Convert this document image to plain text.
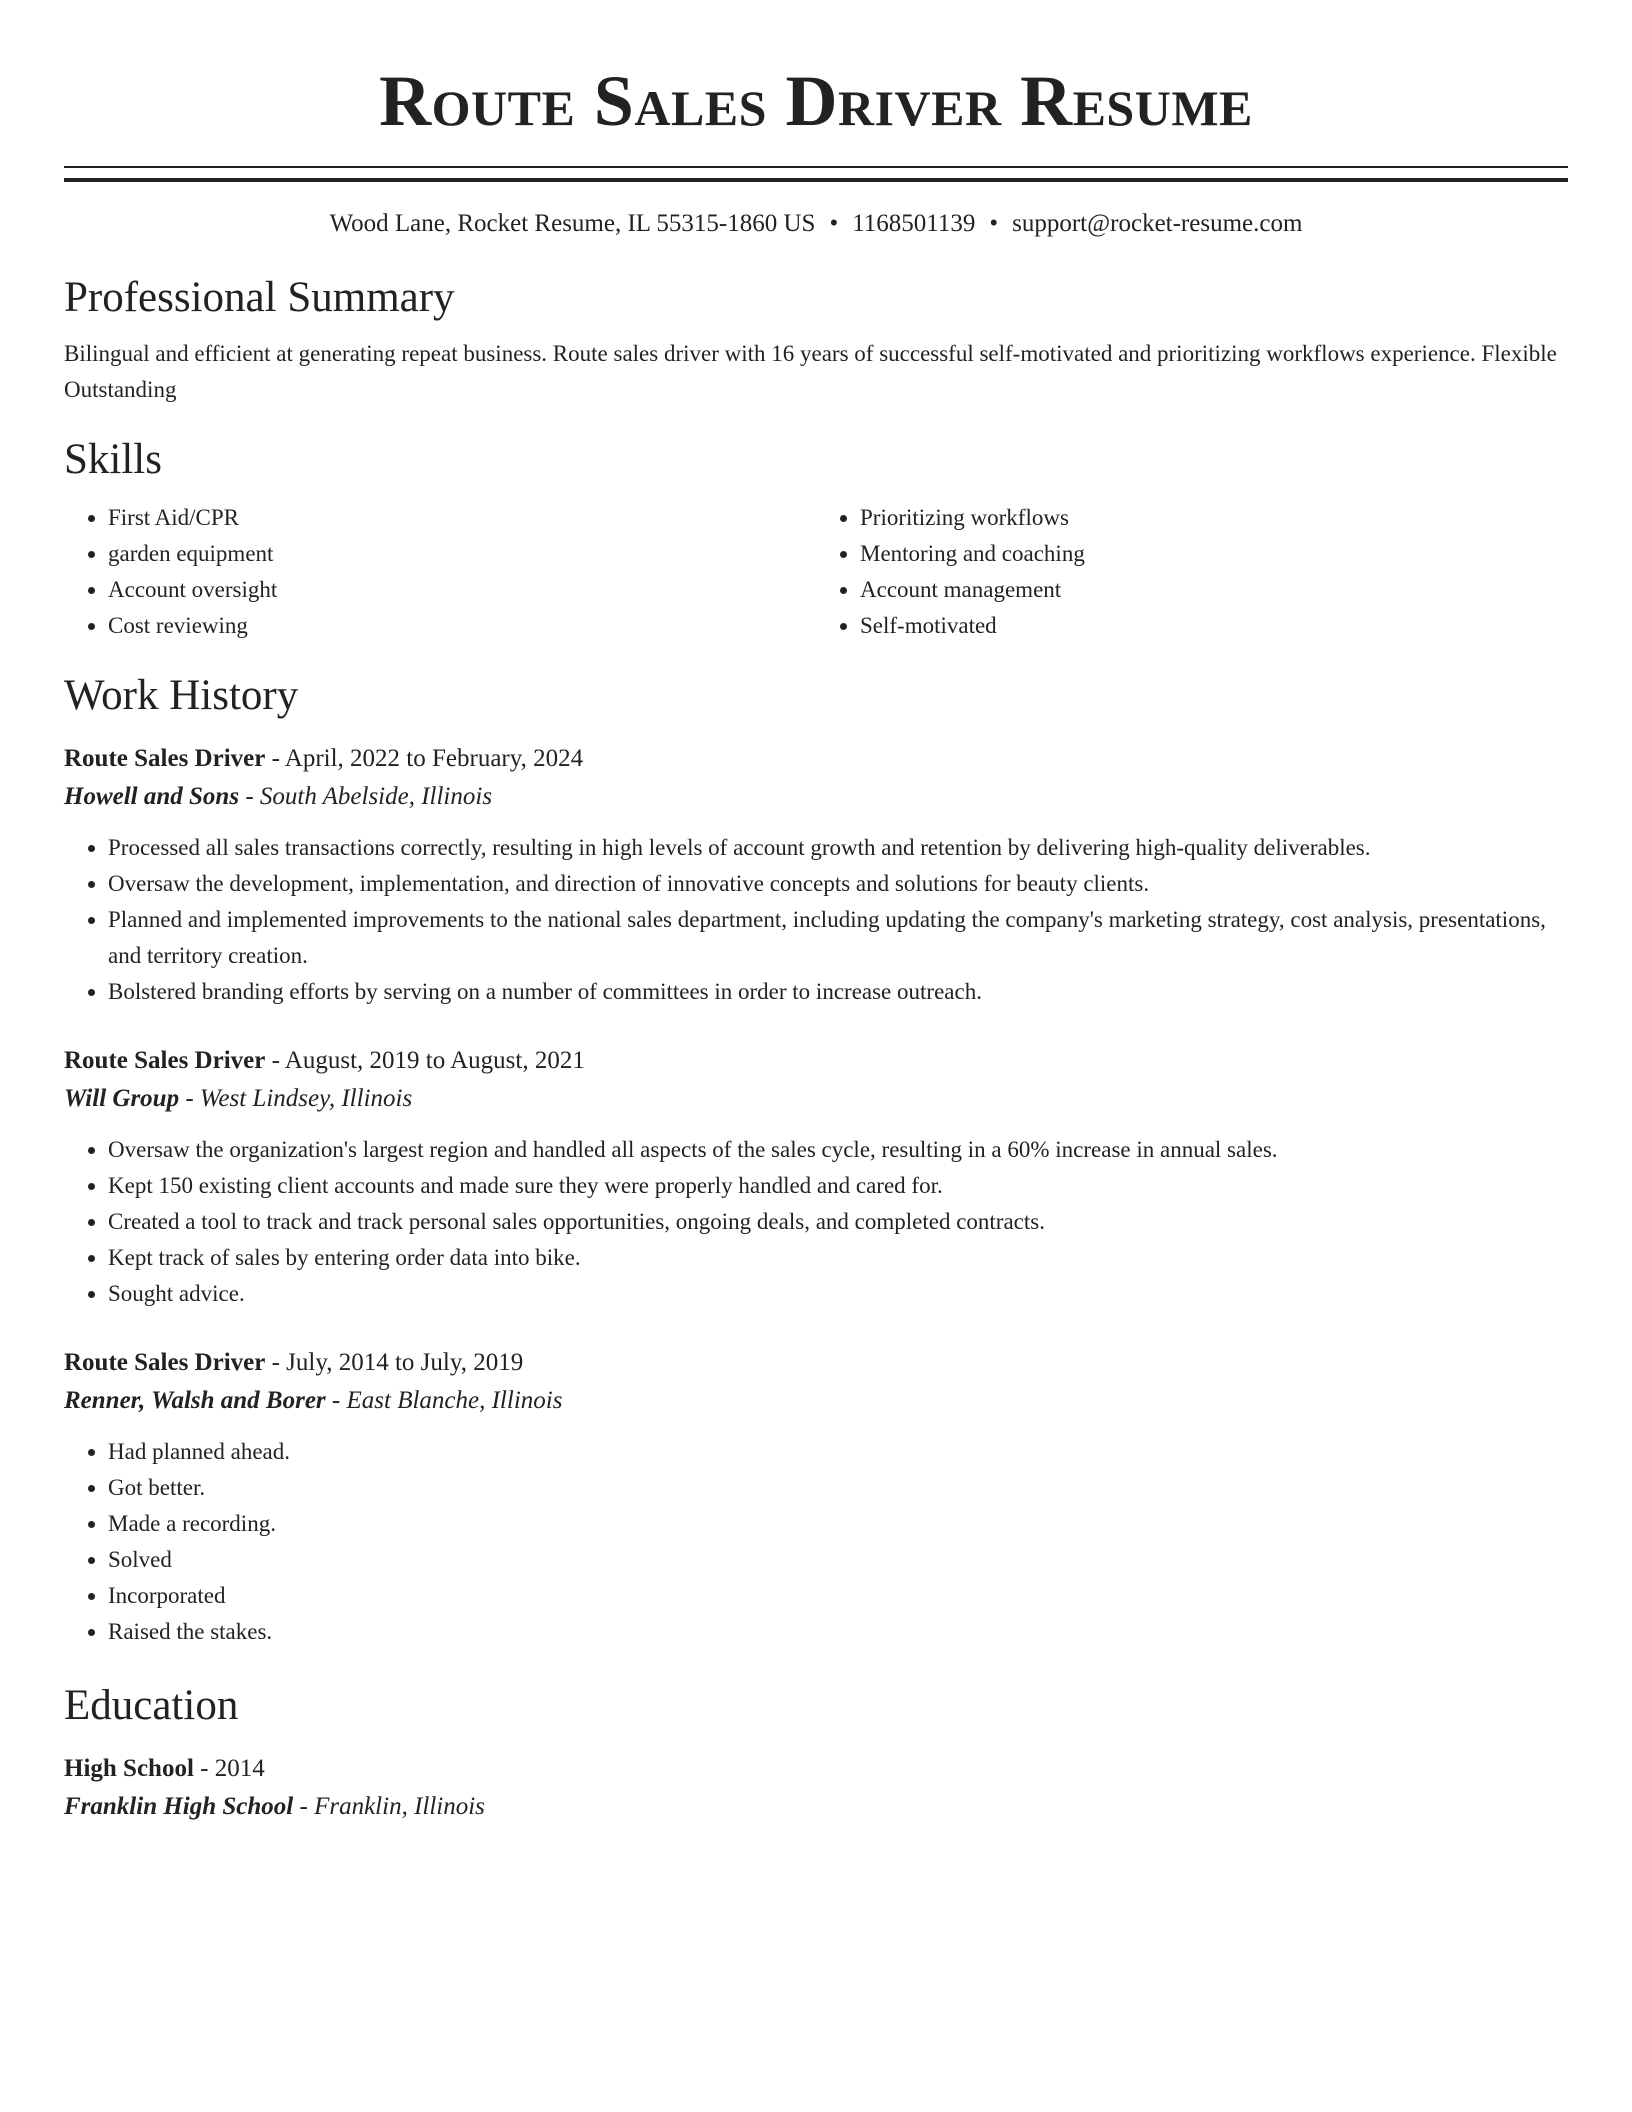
Route Sales Driver Resume
Wood Lane, Rocket Resume, IL 55315-1860 US • 1168501139 • support@rocket-resume.com
Professional Summary

Bilingual and efficient at generating repeat business. Route sales driver with 16 years of successful self-motivated and prioritizing workflows experience. Flexible Outstanding

Skills
• First Aid/CPR
• garden equipment
• Account oversight
• Cost reviewing
• Prioritizing workflows
• Mentoring and coaching
• Account management
• Self-motivated
Work History
Route Sales Driver - April, 2022 to February, 2024
Howell and Sons - South Abelside, Illinois
• Processed all sales transactions correctly, resulting in high levels of account growth and retention by delivering high-quality deliverables.
• Oversaw the development, implementation, and direction of innovative concepts and solutions for beauty clients.
• Planned and implemented improvements to the national sales department, including updating the company's marketing strategy, cost analysis, presentations, and territory creation.
• Bolstered branding efforts by serving on a number of committees in order to increase outreach.
Route Sales Driver - August, 2019 to August, 2021
Will Group - West Lindsey, Illinois
• Oversaw the organization's largest region and handled all aspects of the sales cycle, resulting in a 60% increase in annual sales.
• Kept 150 existing client accounts and made sure they were properly handled and cared for.
• Created a tool to track and track personal sales opportunities, ongoing deals, and completed contracts.
• Kept track of sales by entering order data into bike.
• Sought advice.
Route Sales Driver - July, 2014 to July, 2019
Renner, Walsh and Borer - East Blanche, Illinois
• Had planned ahead.
• Got better.
• Made a recording.
• Solved
• Incorporated
• Raised the stakes.
Education
High School - 2014
Franklin High School - Franklin, Illinois
